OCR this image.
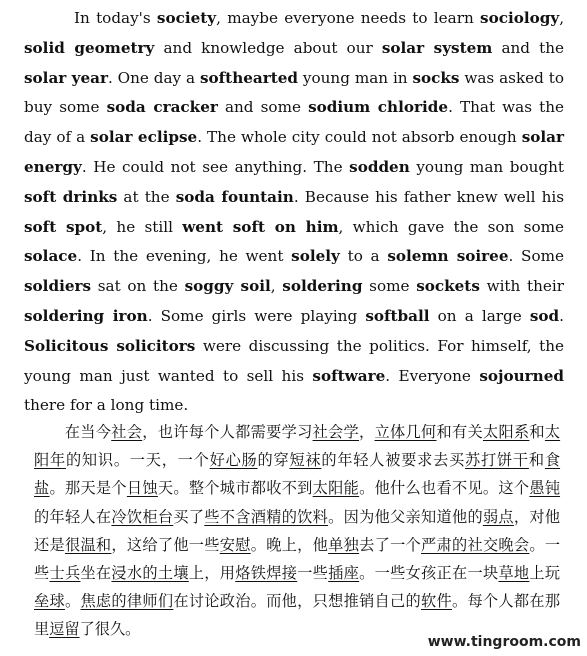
In today's society, maybe everyone needs to learn sociology, solid geometry and knowledge about our solar system and the solar year. One day a softhearted young man in socks was asked to buy some soda cracker and some sodium chloride. That was the day of a solar eclipse. The whole city could not absorb enough solar energy. He could not see anything. The sodden young man bought soft drinks at the soda fountain. Because his father knew well his soft spot, he still went soft on him, which gave the son some solace. In the evening, he went solely to a solemn soiree. Some soldiers sat on the soggy soil, soldering some sockets with their soldering iron. Some girls were playing softball on a large sod. Solicitous solicitors were discussing the politics. For himself, the young man just wanted to sell his software. Everyone sojourned there for a long time.
在当今社会，也许每个人都需要学习社会学，立体几何和有关太阳系和太阳年的知识。一天，一个好心肠的穿短袜的年轻人被要求去买苏打饼干和食盐。那天是个日蚀天。整个城市都收不到太阳能。他什么也看不见。这个愚钝的年轻人在冷饮柜台买了些不含酒精的饮料。因为他父亲知道他的弱点，对他还是很温和，这给了他一些安慰。晚上，他单独去了一个严肃的社交晚会。一些士兵坐在浸水的土壤上，用烙铁焊接一些插座。一些女孩正在一块草地上玩垒球。焦虑的律师们在讨论政治。而他，只想推销自己的软件。每个人都在那里逗留了很久。
www.tingroom.com
